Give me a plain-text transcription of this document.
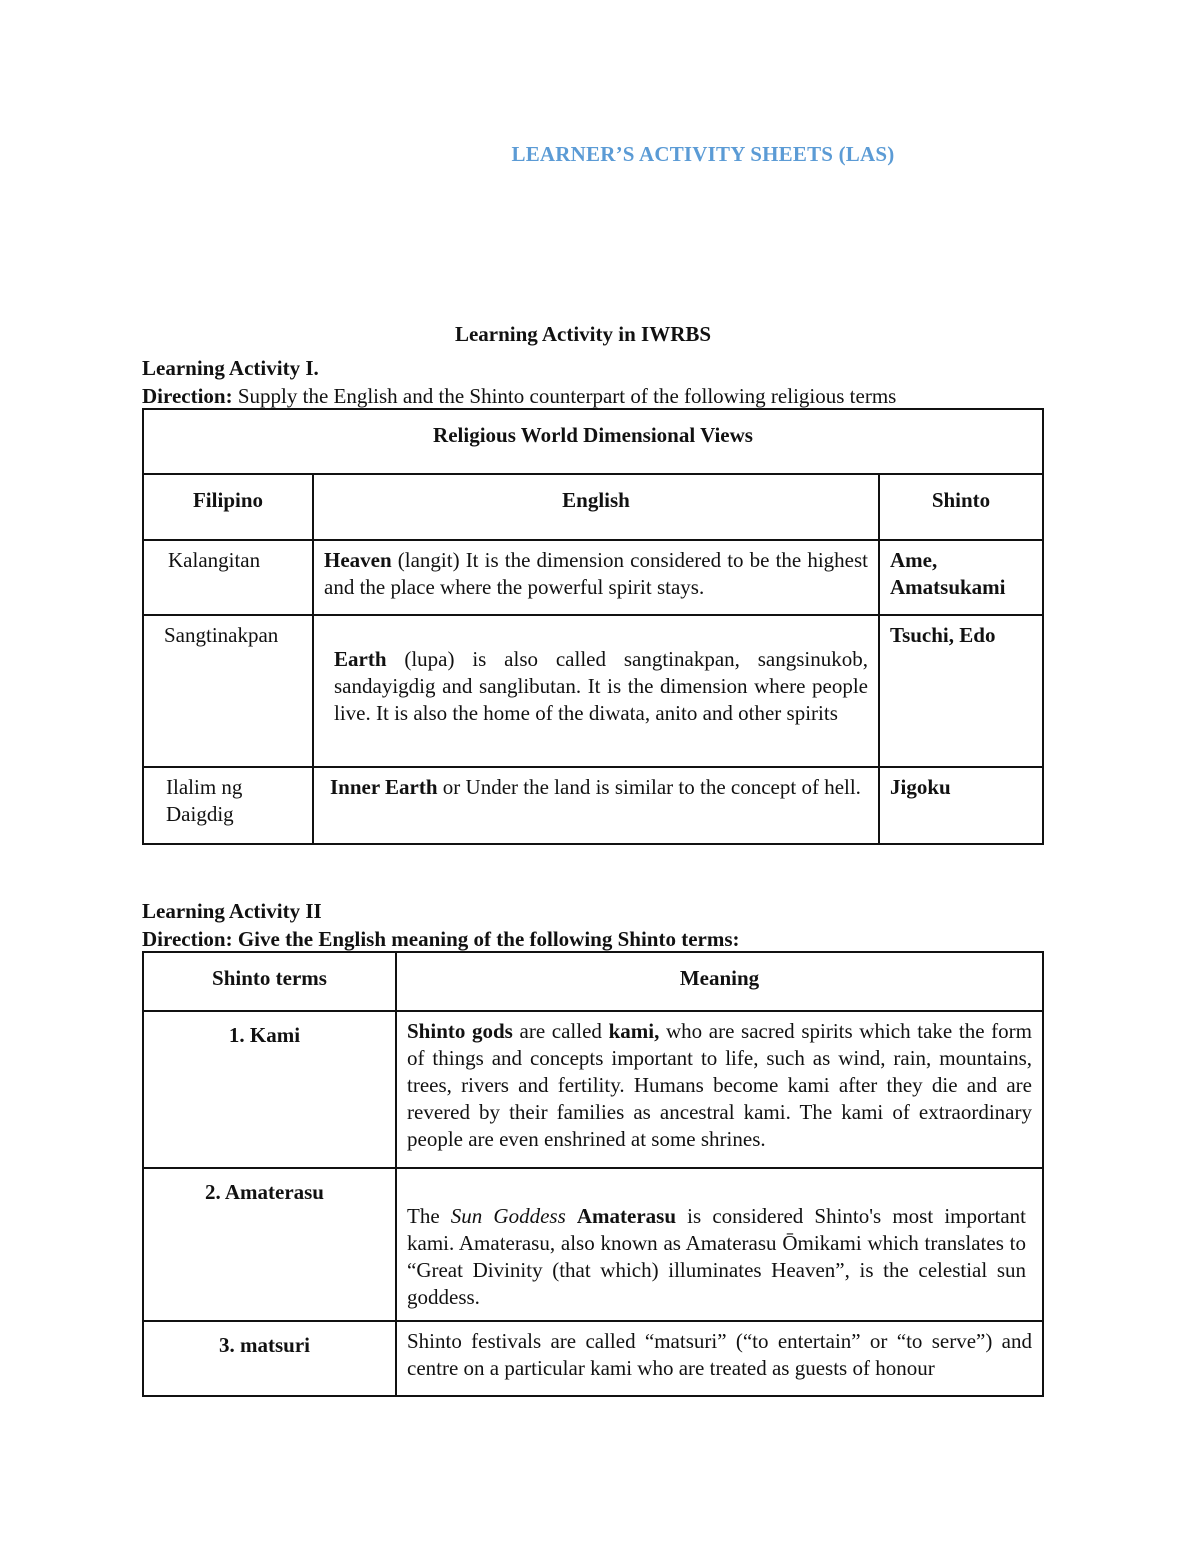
LEARNER’S ACTIVITY SHEETS (LAS)
Learning Activity in IWRBS

Learning Activity I.

Direction: Supply the English and the Shinto counterpart of the following religious terms

Religious World Dimensional Views		

Filipino	English	Shinto

Kalangitan	Heaven (langit) It is the dimension considered to be the highest and the place where the powerful spirit stays.	Ame, Amatsukami

Sangtinakpan	Earth (lupa) is also called sangtinakpan, sangsinukob, sandayigdig and sanglibutan. It is the dimension where people live. It is also the home of the diwata, anito and other spirits	Tsuchi, Edo

Ilalim ng Daigdig	Inner Earth or Under the land is similar to the concept of hell.	Jigoku

Learning Activity II

Direction: Give the English meaning of the following Shinto terms:

Shinto terms	Meaning

1. Kami	Shinto gods are called kami, who are sacred spirits which take the form of things and concepts important to life, such as wind, rain, mountains, trees, rivers and fertility. Humans become kami after they die and are revered by their families as ancestral kami. The kami of extraordinary people are even enshrined at some shrines.

2. Amaterasu	The Sun Goddess Amaterasu is considered Shinto's most important kami. Amaterasu, also known as Amaterasu Ōmikami which translates to “Great Divinity (that which) illuminates Heaven”, is the celestial sun goddess.

3. matsuri	Shinto festivals are called “matsuri” (“to entertain” or “to serve”) and centre on a particular kami who are treated as guests of honour
